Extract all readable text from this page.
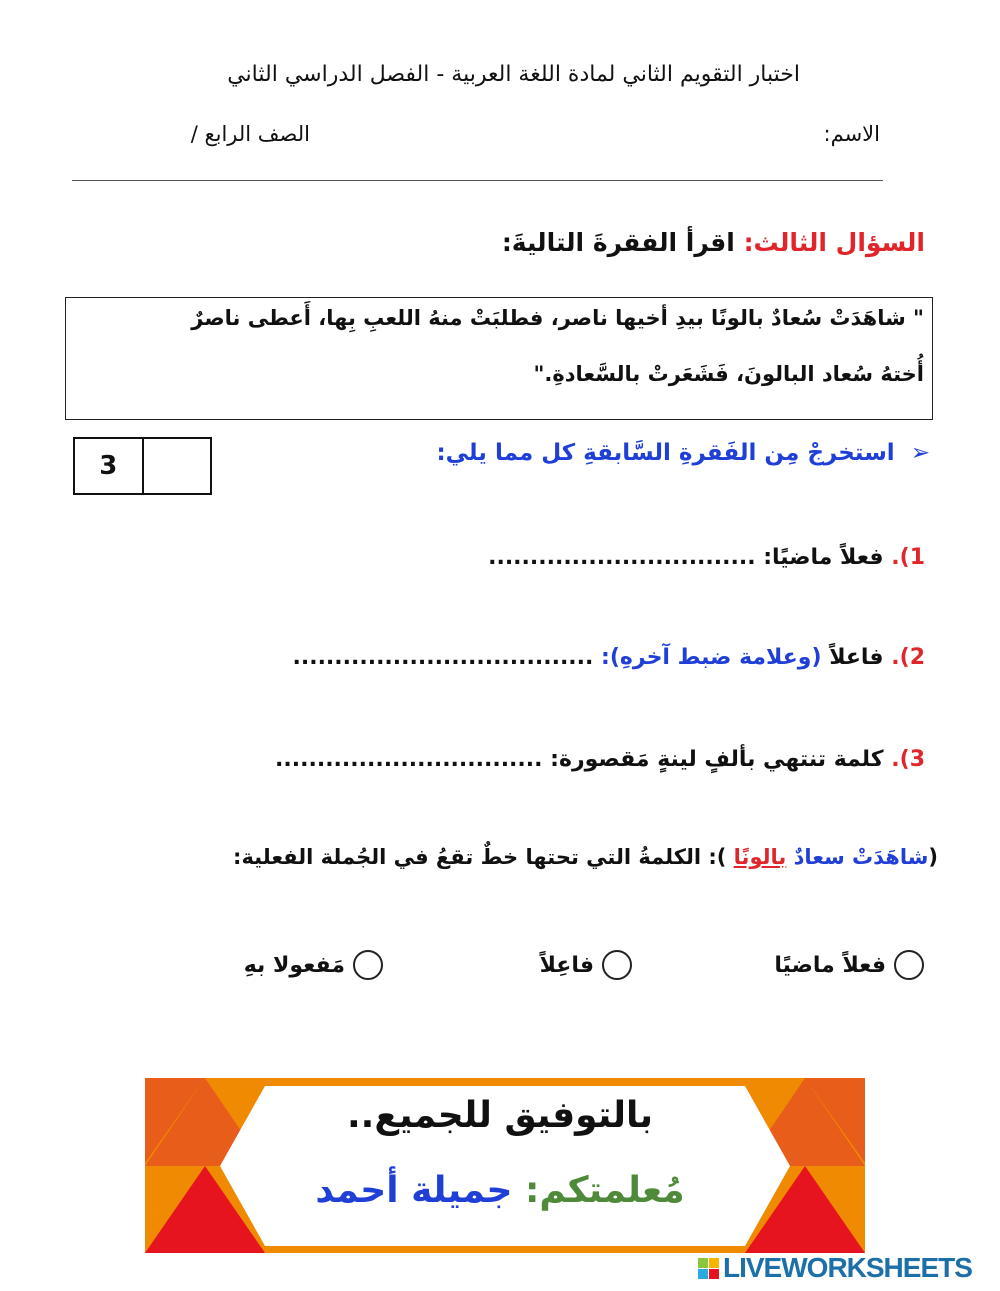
اختبار التقويم الثاني لمادة اللغة العربية - الفصل الدراسي الثاني
الاسم:
الصف الرابع /
السؤال الثالث: اقرأ الفقرةَ التاليةَ:

" شاهَدَتْ سُعادٌ بالونًا بيدِ أخيها ناصر، فطلبَتْ منهُ اللعبِ بِها، أَعطى ناصرٌ

أُختهُ سُعاد البالونَ، فَشَعَرتْ بالسَّعادةِ."

3	➢  استخرجْ مِن الفَقرةِ السَّابقةِ كل مما يلي:
1). فعلاً ماضيًا: ................................
2). فاعلاً (وعلامة ضبط آخرهِ): ....................................
3). كلمة تنتهي بألفٍ لينةٍ مَقصورة: ................................
(شاهَدَتْ سعادٌ بالونًا ): الكلمةُ التي تحتها خطٌ تقعُ في الجُملة الفعلية:
فعلاً ماضيًا
فاعِلاً
مَفعولا بهِ
بالتوفيق للجميع..
مُعلمتكم: جميلة أحمد
LIVEWORKSHEETS
